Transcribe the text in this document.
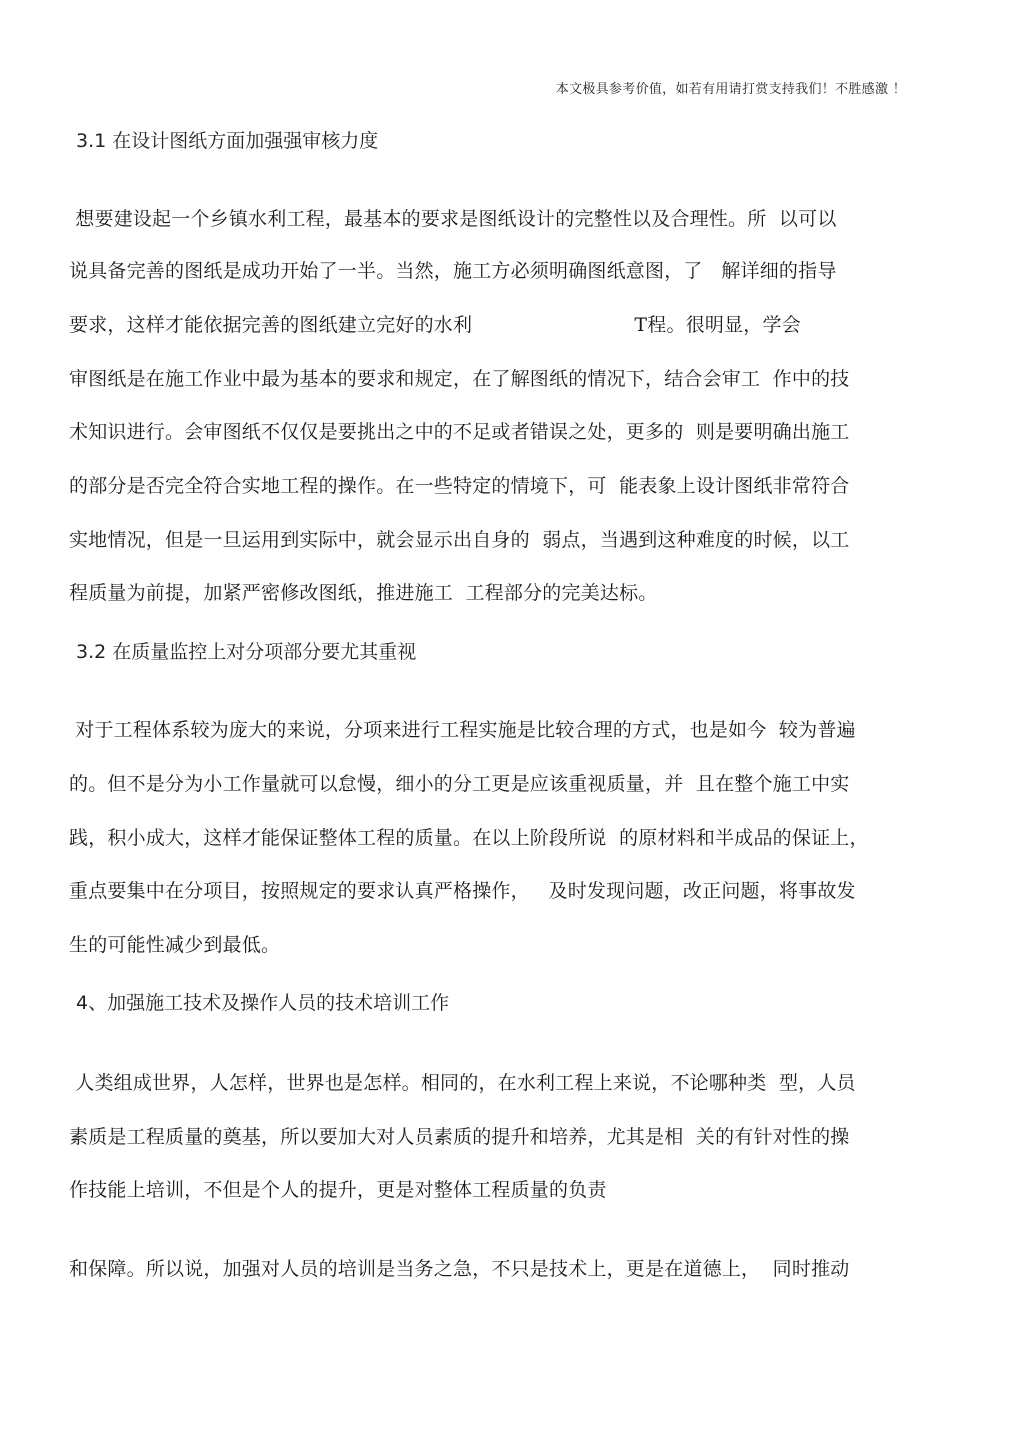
本文极具参考价值，如若有用请打赏支持我们！不胜感激 ！
3.1 在设计图纸方面加强强审核力度
想要建设起一个乡镇水利工程，最基本的要求是图纸设计的完整性以及合理性。所  以可以
说具备完善的图纸是成功开始了一半。当然，施工方必须明确图纸意图，了   解详细的指导
要求，这样才能依据完善的图纸建立完好的水利                          T程。很明显，学会
审图纸是在施工作业中最为基本的要求和规定，在了解图纸的情况下，结合会审工  作中的技
术知识进行。会审图纸不仅仅是要挑出之中的不足或者错误之处，更多的  则是要明确出施工
的部分是否完全符合实地工程的操作。在一些特定的情境下，可  能表象上设计图纸非常符合
实地情况，但是一旦运用到实际中，就会显示出自身的  弱点，当遇到这种难度的时候，以工
程质量为前提，加紧严密修改图纸，推进施工  工程部分的完美达标。
3.2 在质量监控上对分项部分要尤其重视
对于工程体系较为庞大的来说，分项来进行工程实施是比较合理的方式，也是如今  较为普遍
的。但不是分为小工作量就可以怠慢，细小的分工更是应该重视质量，并  且在整个施工中实
践，积小成大，这样才能保证整体工程的质量。在以上阶段所说  的原材料和半成品的保证上，
重点要集中在分项目，按照规定的要求认真严格操作，   及时发现问题，改正问题，将事故发
生的可能性减少到最低。
4、加强施工技术及操作人员的技术培训工作
人类组成世界，人怎样，世界也是怎样。相同的，在水利工程上来说，不论哪种类  型，人员
素质是工程质量的奠基，所以要加大对人员素质的提升和培养，尤其是相  关的有针对性的操
作技能上培训，不但是个人的提升，更是对整体工程质量的负责
和保障。所以说，加强对人员的培训是当务之急，不只是技术上，更是在道德上，  同时推动
